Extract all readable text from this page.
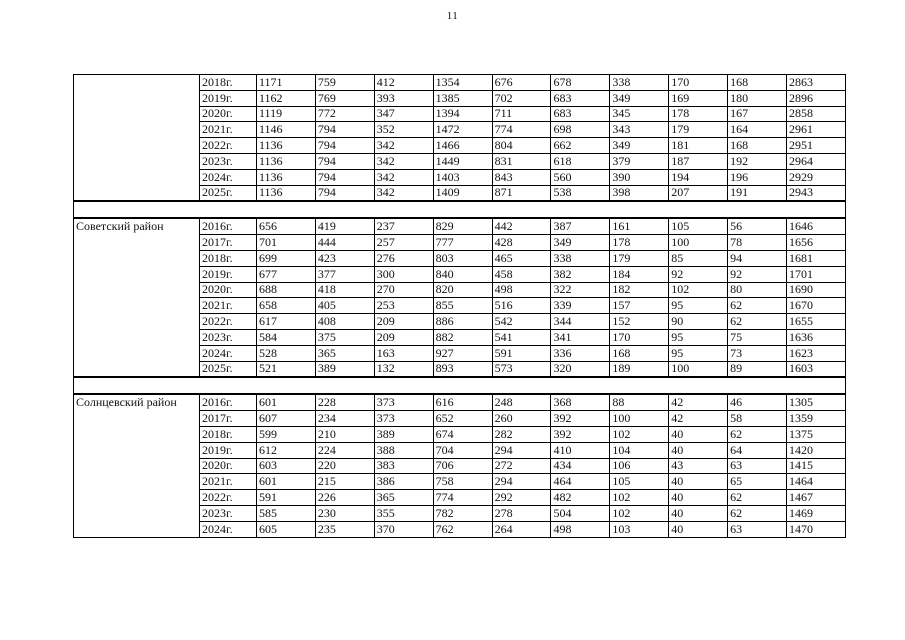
11
	2018г.	1171	759	412	1354	676	678	338	170	168	2863
	2019г.	1162	769	393	1385	702	683	349	169	180	2896
	2020г.	1119	772	347	1394	711	683	345	178	167	2858
	2021г.	1146	794	352	1472	774	698	343	179	164	2961
	2022г.	1136	794	342	1466	804	662	349	181	168	2951
	2023г.	1136	794	342	1449	831	618	379	187	192	2964
	2024г.	1136	794	342	1403	843	560	390	194	196	2929
	2025г.	1136	794	342	1409	871	538	398	207	191	2943

Советский район	2016г.	656	419	237	829	442	387	161	105	56	1646
	2017г.	701	444	257	777	428	349	178	100	78	1656
	2018г.	699	423	276	803	465	338	179	85	94	1681
	2019г.	677	377	300	840	458	382	184	92	92	1701
	2020г.	688	418	270	820	498	322	182	102	80	1690
	2021г.	658	405	253	855	516	339	157	95	62	1670
	2022г.	617	408	209	886	542	344	152	90	62	1655
	2023г.	584	375	209	882	541	341	170	95	75	1636
	2024г.	528	365	163	927	591	336	168	95	73	1623
	2025г.	521	389	132	893	573	320	189	100	89	1603

Солнцевский район	2016г.	601	228	373	616	248	368	88	42	46	1305
	2017г.	607	234	373	652	260	392	100	42	58	1359
	2018г.	599	210	389	674	282	392	102	40	62	1375
	2019г.	612	224	388	704	294	410	104	40	64	1420
	2020г.	603	220	383	706	272	434	106	43	63	1415
	2021г.	601	215	386	758	294	464	105	40	65	1464
	2022г.	591	226	365	774	292	482	102	40	62	1467
	2023г.	585	230	355	782	278	504	102	40	62	1469
	2024г.	605	235	370	762	264	498	103	40	63	1470
